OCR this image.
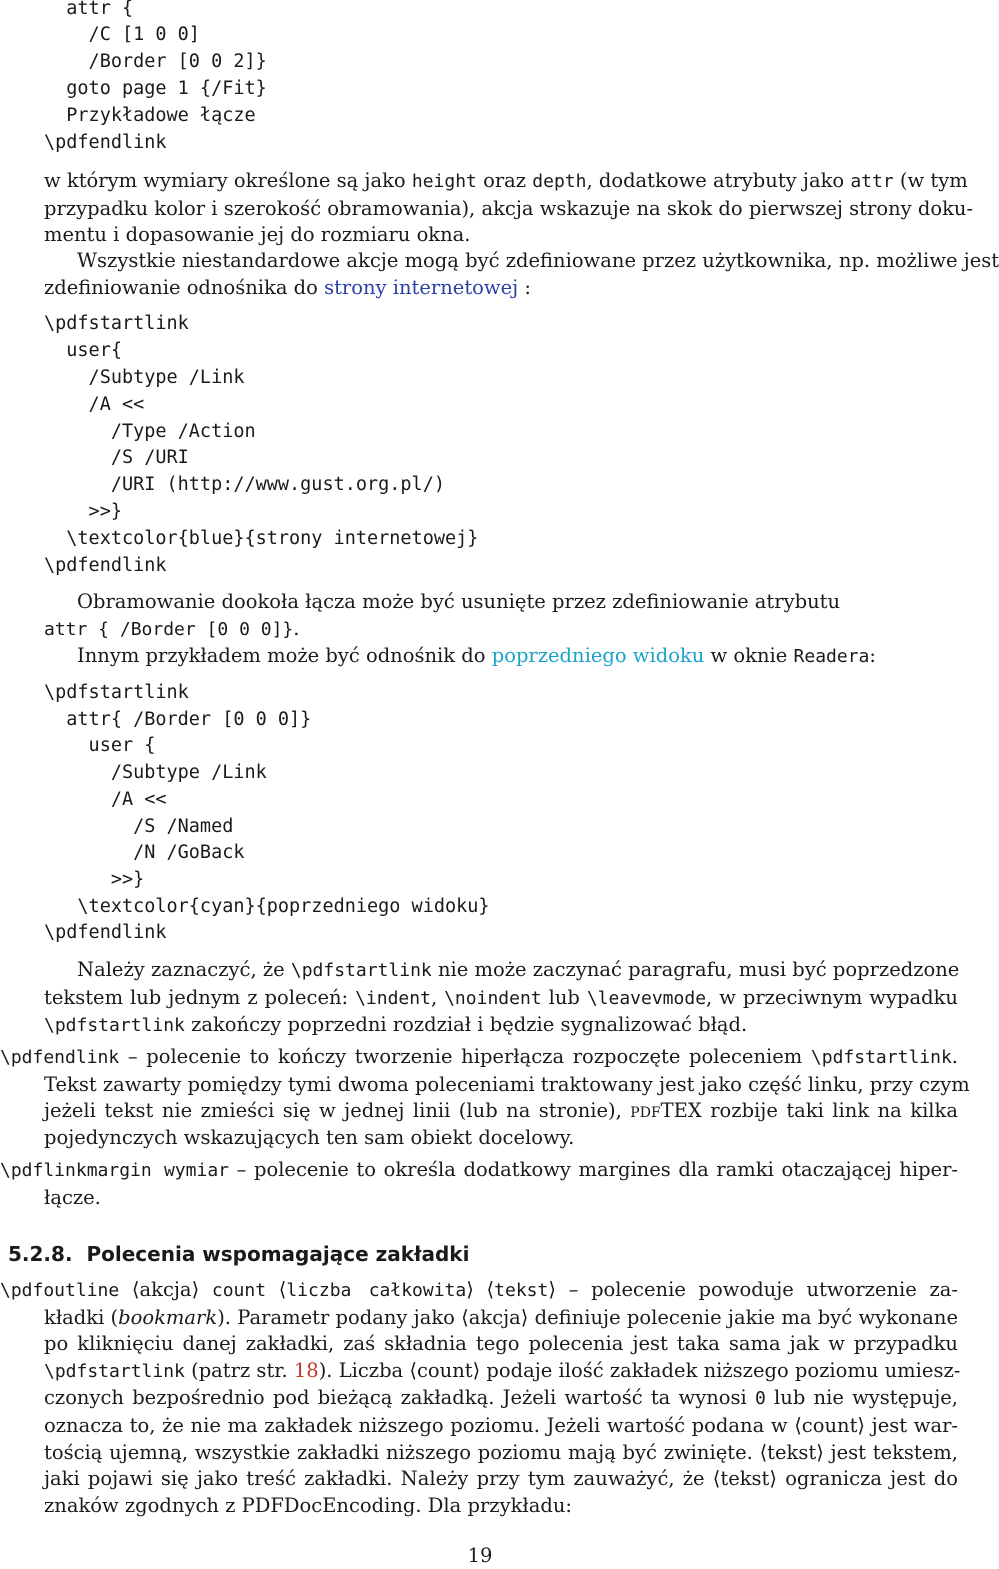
attr {
/C [1 0 0]
/Border [0 0 2]}
goto page 1 {/Fit}
Przykładowe łącze
\pdfendlink
w którym wymiary określone są jako height oraz depth, dodatkowe atrybuty jako attr (w tym
przypadku kolor i szerokość obramowania), akcja wskazuje na skok do pierwszej strony doku-
mentu i dopasowanie jej do rozmiaru okna.
Wszystkie niestandardowe akcje mogą być zdefiniowane przez użytkownika, np. możliwe jest
zdefiniowanie odnośnika do strony internetowej :
\pdfstartlink
user{
/Subtype /Link
/A <<
/Type /Action
/S /URI
/URI (http://www.gust.org.pl/)
>>}
\textcolor{blue}{strony internetowej}
\pdfendlink
Obramowanie dookoła łącza może być usunięte przez zdefiniowanie atrybutu
attr { /Border [0 0 0]}.
Innym przykładem może być odnośnik do poprzedniego widoku w oknie Readera:
\pdfstartlink
attr{ /Border [0 0 0]}
user {
/Subtype /Link
/A <<
/S /Named
/N /GoBack
>>}
\textcolor{cyan}{poprzedniego widoku}
\pdfendlink
Należy zaznaczyć, że \pdfstartlink nie może zaczynać paragrafu, musi być poprzedzone
tekstem lub jednym z poleceń: \indent, \noindent lub \leavevmode, w przeciwnym wypadku
\pdfstartlink zakończy poprzedni rozdział i będzie sygnalizować błąd.
\pdfendlink – polecenie to kończy tworzenie hiperłącza rozpoczęte poleceniem \pdfstartlink.
Tekst zawarty pomiędzy tymi dwoma poleceniami traktowany jest jako część linku, przy czym
jeżeli tekst nie zmieści się w jednej linii (lub na stronie), pdfTEX rozbije taki link na kilka
pojedynczych wskazujących ten sam obiekt docelowy.
\pdflinkmargin wymiar – polecenie to określa dodatkowy margines dla ramki otaczającej hiper-
łącze.
5.2.8. Polecenia wspomagające zakładki
\pdfoutline ⟨akcja⟩ count ⟨liczba całkowita⟩ ⟨tekst⟩ – polecenie powoduje utworzenie za-
kładki (bookmark). Parametr podany jako ⟨akcja⟩ definiuje polecenie jakie ma być wykonane
po kliknięciu danej zakładki, zaś składnia tego polecenia jest taka sama jak w przypadku
\pdfstartlink (patrz str. 18). Liczba ⟨count⟩ podaje ilość zakładek niższego poziomu umiesz-
czonych bezpośrednio pod bieżącą zakładką. Jeżeli wartość ta wynosi 0 lub nie występuje,
oznacza to, że nie ma zakładek niższego poziomu. Jeżeli wartość podana w ⟨count⟩ jest war-
tością ujemną, wszystkie zakładki niższego poziomu mają być zwinięte. ⟨tekst⟩ jest tekstem,
jaki pojawi się jako treść zakładki. Należy przy tym zauważyć, że ⟨tekst⟩ ogranicza jest do
znaków zgodnych z PDFDocEncoding. Dla przykładu:
19
